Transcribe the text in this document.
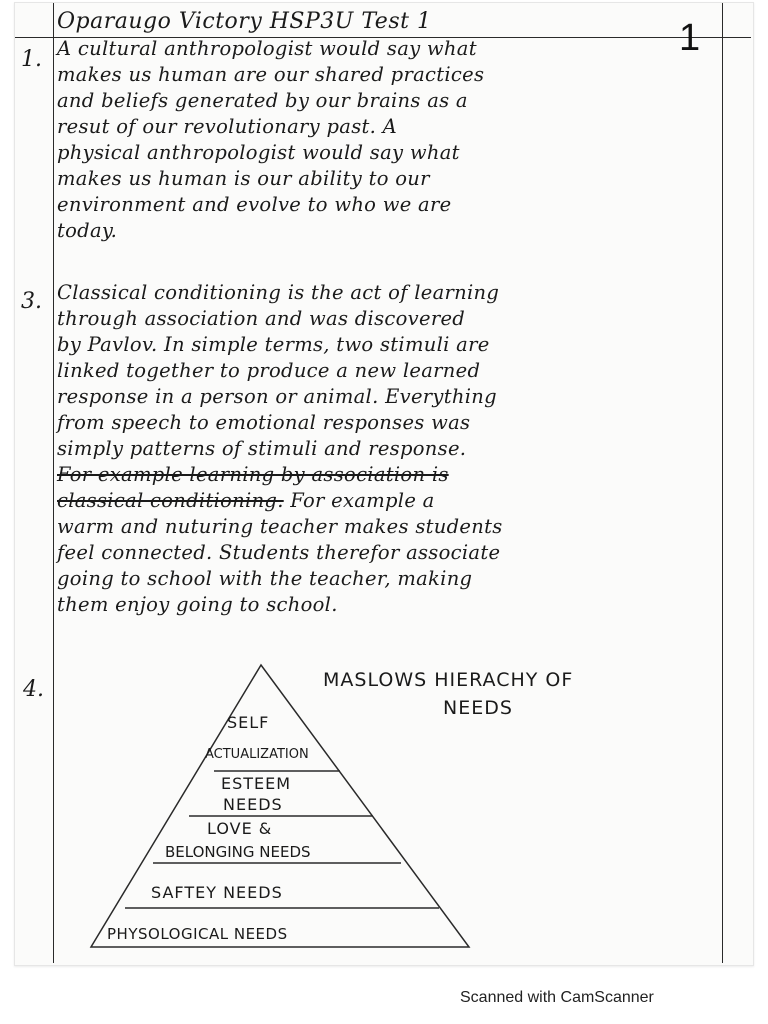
Oparaugo Victory HSP3U Test 1	1
1. A cultural anthropologist would say what
makes us human are our shared practices
and beliefs generated by our brains as a
resut of our revolutionary past. A
physical anthropologist would say what
makes us human is our ability to our
environment and evolve to who we are
today.
3. Classical conditioning is the act of learning
through association and was discovered
by Pavlov. In simple terms, two stimuli are
linked together to produce a new learned
response in a person or animal. Everything
from speech to emotional responses was
simply patterns of stimuli and response.
For example learning by association is
classical conditioning. For example a
warm and nuturing teacher makes students
feel connected. Students therefor associate
going to school with the teacher, making
them enjoy going to school.
4.	MASLOWS HIERACHY OF
NEEDS
SELF
ACTUALIZATION
ESTEEM
NEEDS
LOVE &
BELONGING NEEDS
SAFTEY NEEDS
PHYSOLOGICAL NEEDS
Scanned with CamScanner
